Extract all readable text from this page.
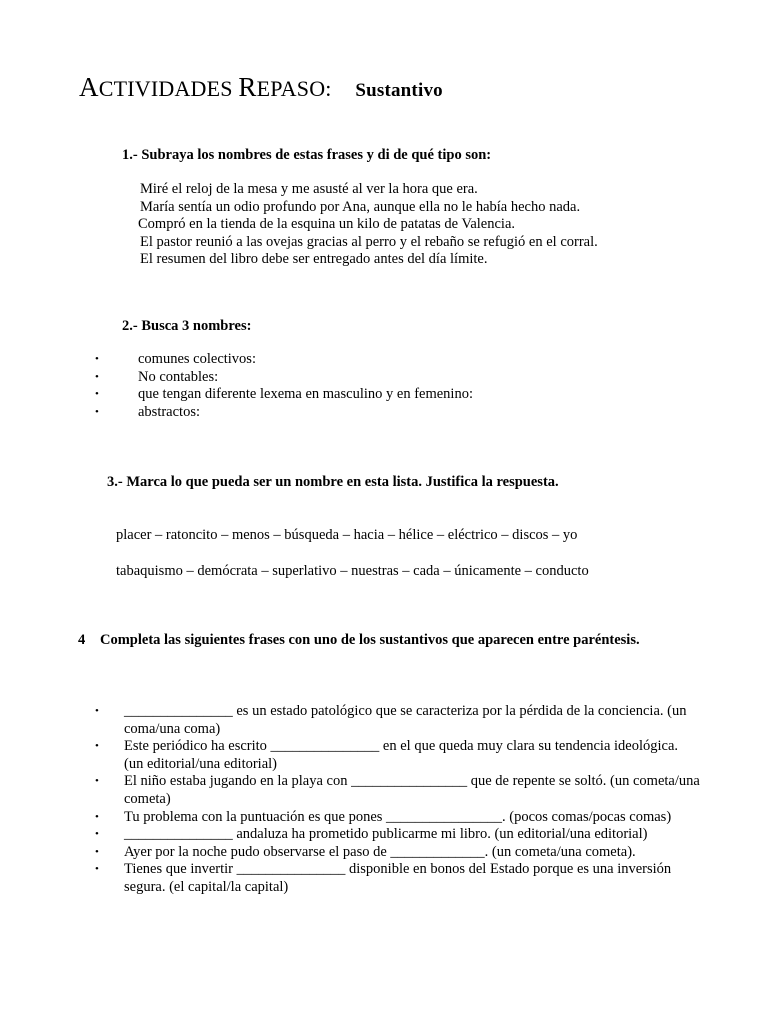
ACTIVIDADES REPASO: Sustantivo
1.- Subraya los nombres de estas frases y di de qué tipo son:
Miré el reloj de la mesa y me asusté al ver la hora que era.
María sentía un odio profundo por Ana, aunque ella no le había hecho nada.
Compró en la tienda de la esquina un kilo de patatas de Valencia.
El pastor reunió a las ovejas gracias al perro y el rebaño se refugió en el corral.
El resumen del libro debe ser entregado antes del día límite.
2.- Busca 3 nombres:
•	comunes colectivos:
•	No contables:
•	que tengan diferente lexema en masculino y en femenino:
•	abstractos:
3.- Marca lo que pueda ser un nombre en esta lista. Justifica la respuesta.
placer – ratoncito – menos – búsqueda – hacia – hélice – eléctrico – discos – yo
tabaquismo – demócrata – superlativo – nuestras – cada – únicamente – conducto
4 Completa las siguientes frases con uno de los sustantivos que aparecen entre paréntesis.
• _______________ es un estado patológico que se caracteriza por la pérdida de la conciencia. (un coma/una coma)
• Este periódico ha escrito _______________ en el que queda muy clara su tendencia ideológica. (un editorial/una editorial)
• El niño estaba jugando en la playa con ________________ que de repente se soltó. (un cometa/una cometa)
• Tu problema con la puntuación es que pones ________________. (pocos comas/pocas comas)
• _______________ andaluza ha prometido publicarme mi libro. (un editorial/una editorial)
• Ayer por la noche pudo observarse el paso de _____________. (un cometa/una cometa).
• Tienes que invertir _______________ disponible en bonos del Estado porque es una inversión segura. (el capital/la capital)
